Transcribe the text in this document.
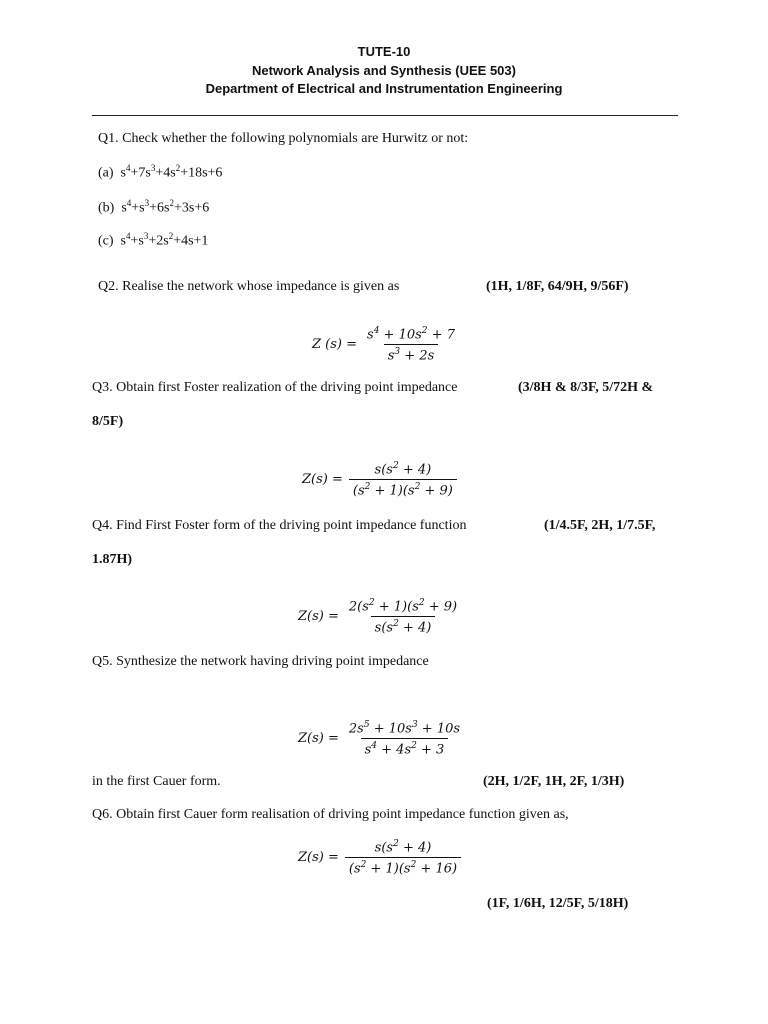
TUTE-10
Network Analysis and Synthesis (UEE 503)
Department of Electrical and Instrumentation Engineering
Q1. Check whether the following polynomials are Hurwitz or not:
(a)  $s^4+7s^3+4s^2+18s+6$
(b)  $s^4+s^3+6s^2+3s+6$
(c)  $s^4+s^3+2s^2+4s+1$
Q2. Realise the network whose impedance is given as	(1H, 1/8F, 64/9H, 9/56F)
Z $(s) = \frac{s^4 + 10s^2 + 7}{s^3 + 2s}$
Q3. Obtain first Foster realization of the driving point impedance	(3/8H & 8/3F, 5/72H &
8/5F)
$Z(s) = \frac{s(s^2 + 4)}{(s^2 + 1)(s^2 + 9)}$
Q4. Find First Foster form of the driving point impedance function	(1/4.5F, 2H, 1/7.5F,
1.87H)
$Z(s) = \frac{2(s^2 + 1)(s^2 + 9)}{s(s^2 + 4)}$
Q5. Synthesize the network having driving point impedance
$Z(s) = \frac{2s^5 + 10s^3 + 10s}{s^4 + 4s^2 + 3}$
in the first Cauer form.	(2H, 1/2F, 1H, 2F, 1/3H)
Q6. Obtain first Cauer form realisation of driving point impedance function given as,
$Z(s) = \frac{s(s^2 + 4)}{(s^2 + 1)(s^2 + 16)}$
(1F, 1/6H, 12/5F, 5/18H)
